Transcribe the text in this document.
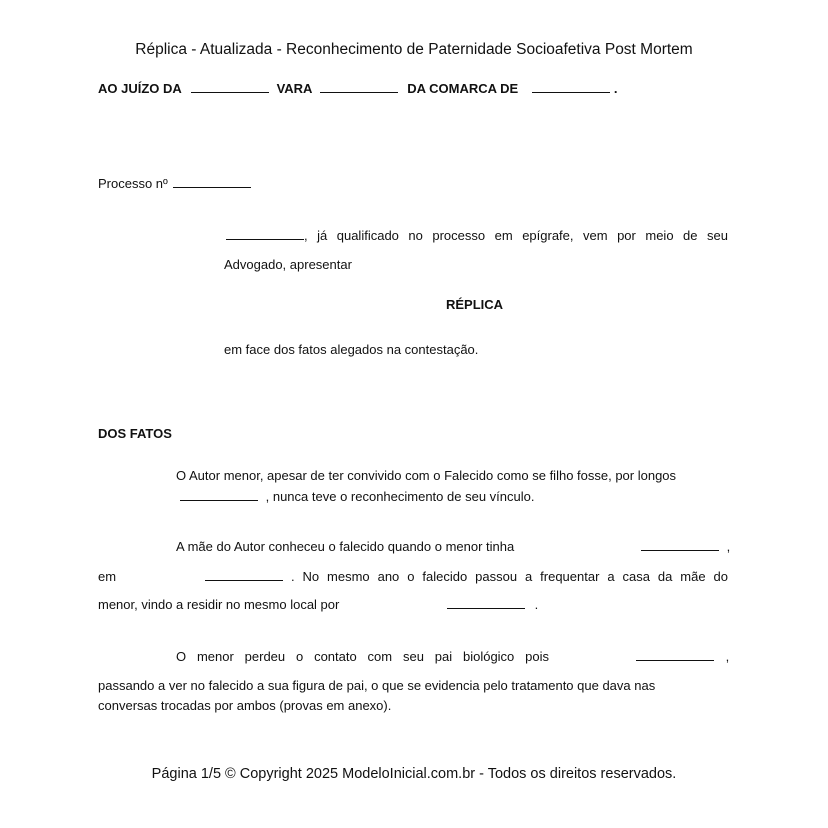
Réplica - Atualizada - Reconhecimento de Paternidade Socioafetiva Post Mortem
AO JUÍZO DA	VARA	DA COMARCA DE	.
Processo nº
, já qualificado no processo em epígrafe, vem por meio de seu
Advogado, apresentar
RÉPLICA
em face dos fatos alegados na contestação.
DOS FATOS
O Autor menor, apesar de ter convivido com o Falecido como se filho fosse, por longos
, nunca teve o reconhecimento de seu vínculo.
A mãe do Autor conheceu o falecido quando o menor tinha	,
em	. No mesmo ano o falecido passou a frequentar a casa da mãe do
menor, vindo a residir no mesmo local por	.
O menor perdeu o contato com seu pai biológico pois	,
passando a ver no falecido a sua figura de pai, o que se evidencia pelo tratamento que dava nas
conversas trocadas por ambos (provas em anexo).
Página 1/5 © Copyright 2025 ModeloInicial.com.br - Todos os direitos reservados.
